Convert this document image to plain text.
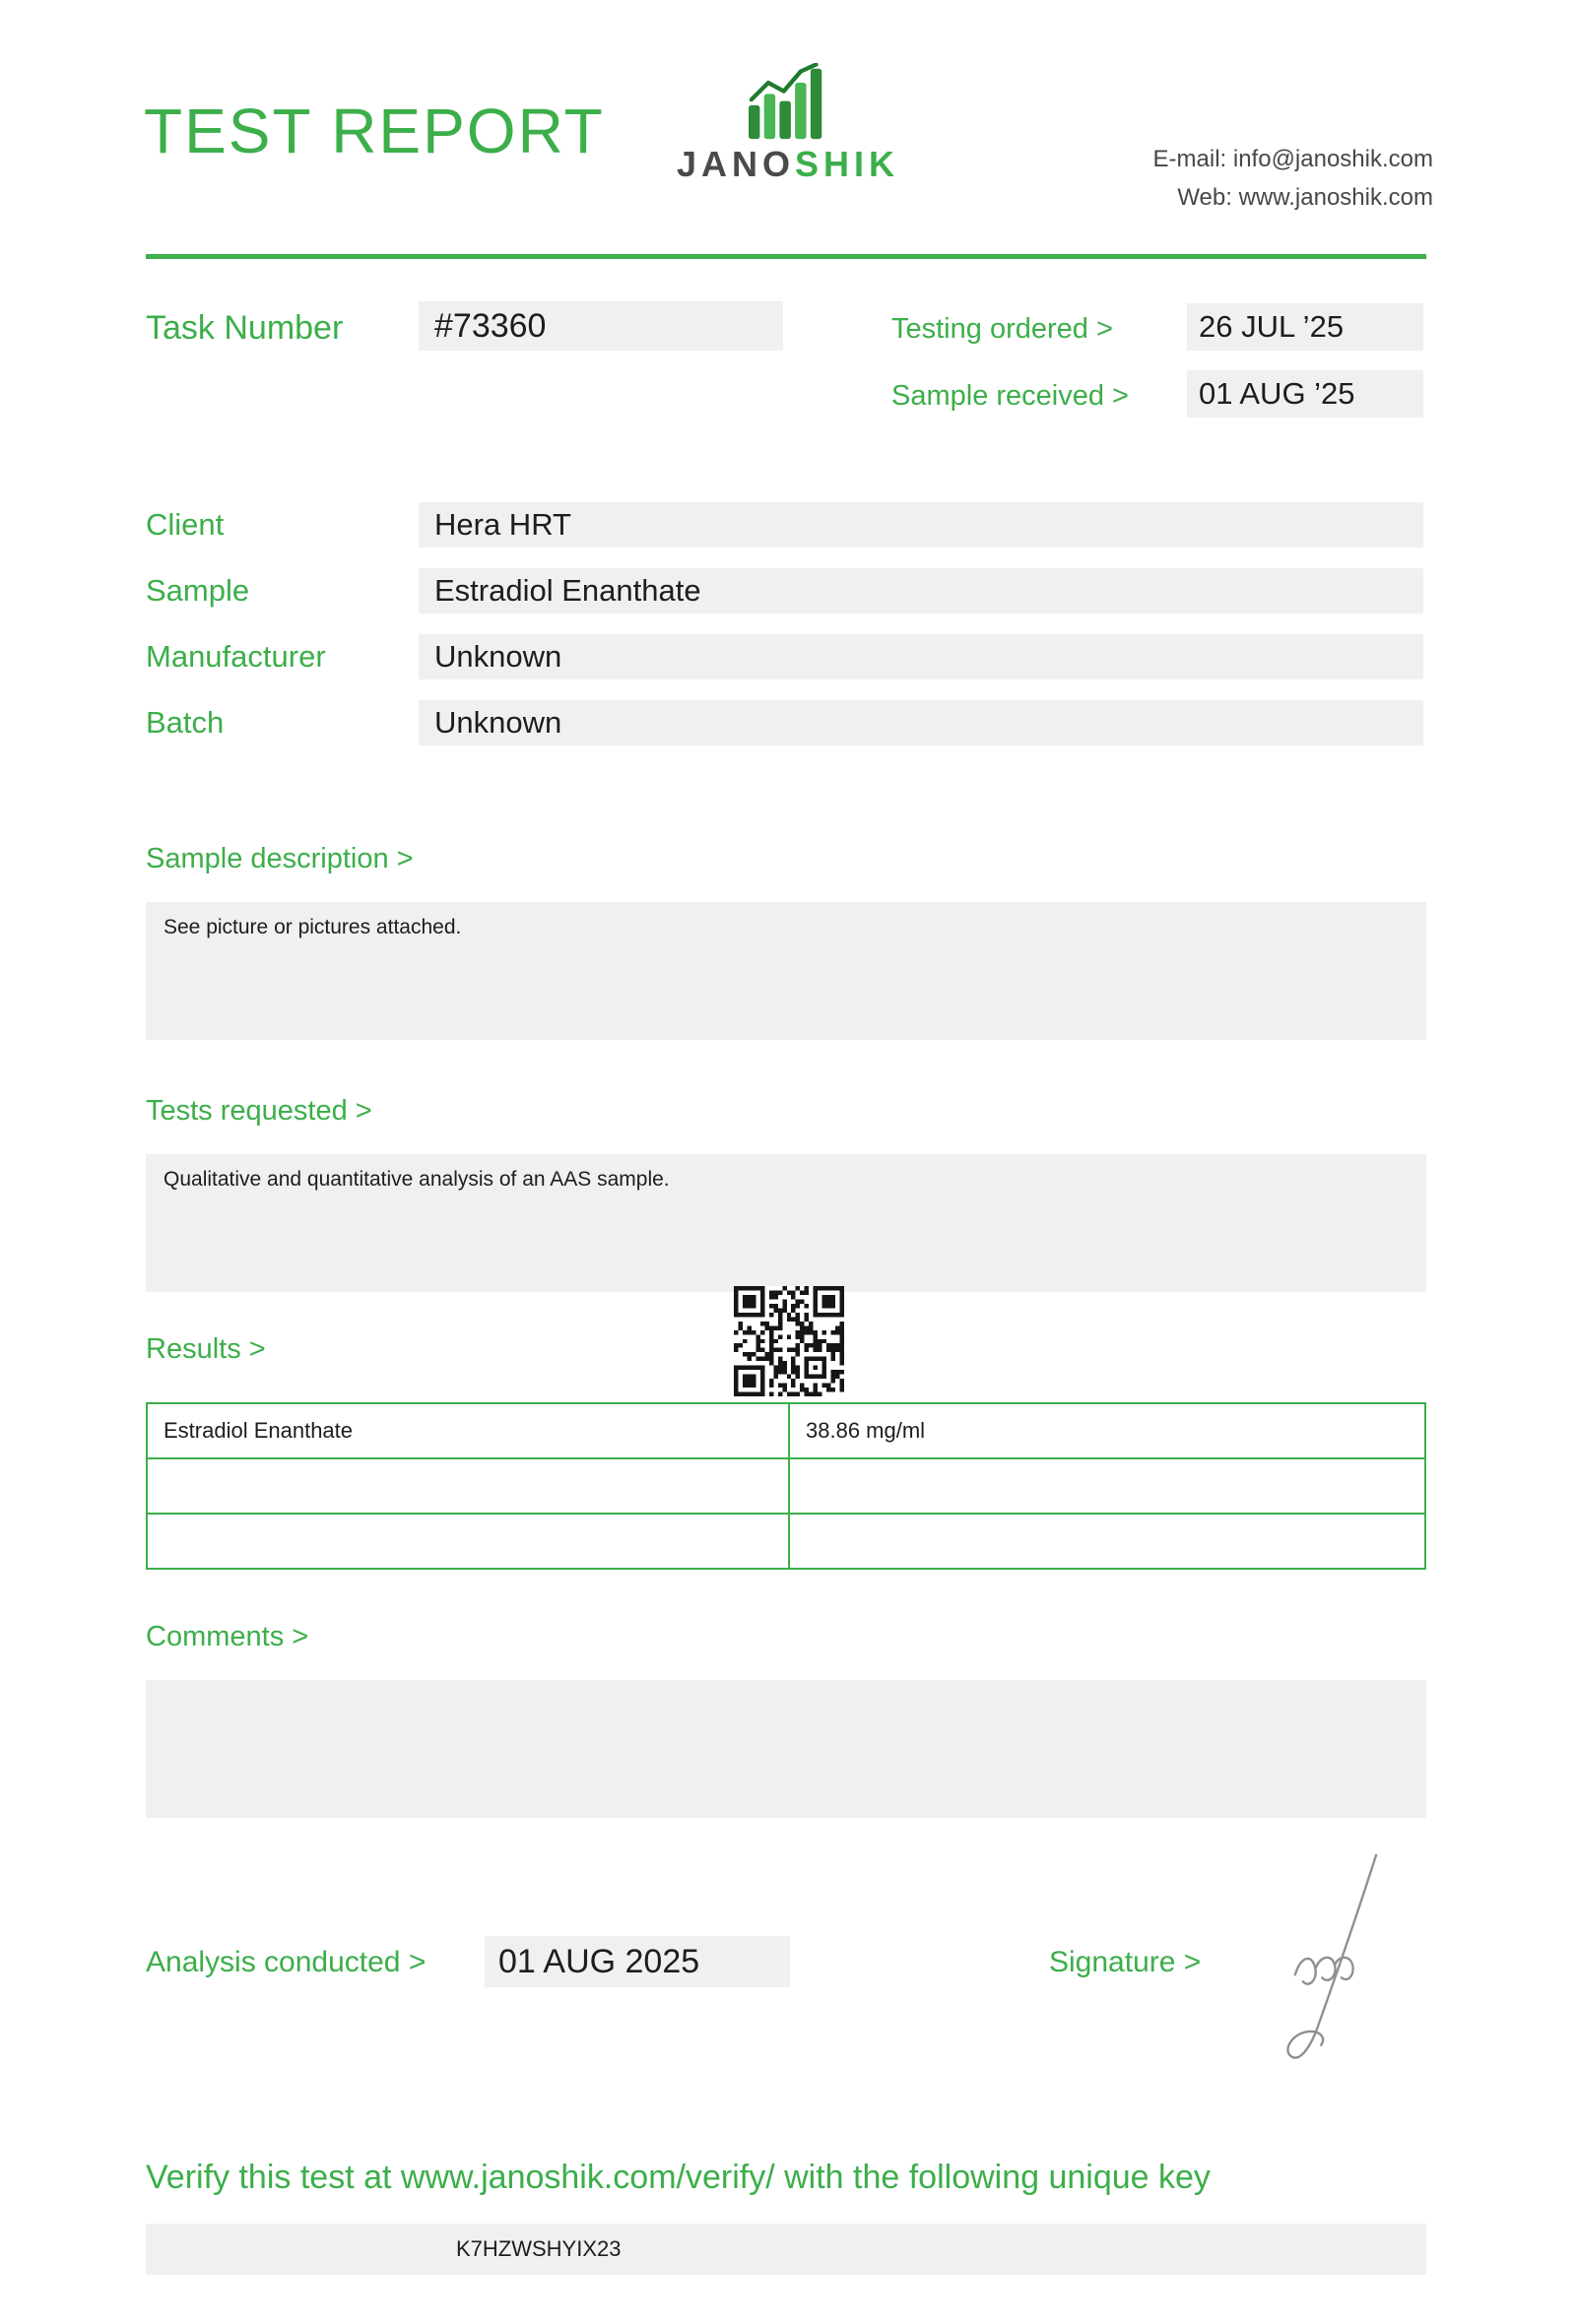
TEST REPORT JANOSHIK	E-mail: info@janoshik.com
Web: www.janoshik.com
Task Number	#73360	Testing ordered >	26 JUL ’25
Sample received >	01 AUG ’25
Client	Hera HRT
Sample	Estradiol Enanthate
Manufacturer	Unknown
Batch	Unknown
Sample description >
See picture or pictures attached.
Tests requested >
Qualitative and quantitative analysis of an AAS sample.
Results >
Estradiol Enanthate	38.86 mg/ml

Comments >
Analysis conducted >	01 AUG 2025	Signature >
Verify this test at www.janoshik.com/verify/ with the following unique key
K7HZWSHYIX23
